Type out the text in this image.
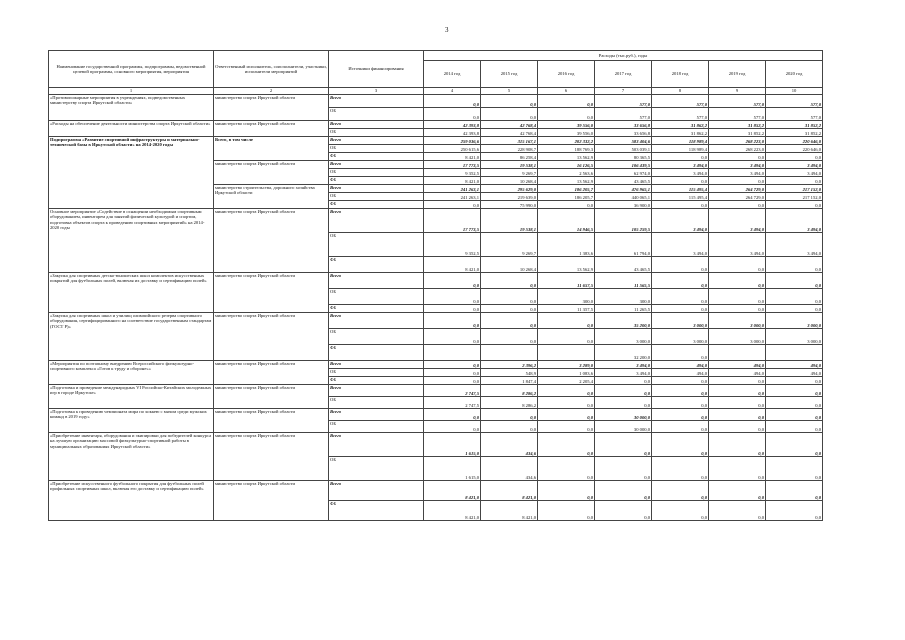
3
Наименование государственной программы, подпрограммы, ведомственной целевой программы, основного мероприятия, мероприятия	Ответственный исполнитель, соисполнители, участники, исполнители мероприятий	Источники финансирования	Расходы (тыс.руб.), годы						
			2014 год	2015 год	2016 год	2017 год	2018 год	2019 год	2020 год
1	2	3	4	5	6	7	8	9	10
«Противопожарные мероприятия в учреждениях, подведомственных министерству спорта Иркутской области»	министерство спорта Иркутской области	Всего	0,0	0,0	0,0	577,0	577,0	577,0	577,0
		ОБ	0,0	0,0	0,0	577,0	577,0	577,0	577,0
«Расходы на обеспечение деятельности министерства спорта Иркутской области»	министерство спорта Иркутской области	Всего	42 393,8	42 768,4	39 556,0	33 656,8	31 862,2	31 852,2	31 852,2
		ОБ	42 393,8	42 768,4	39 556,0	33 656,8	31 862,2	31 852,2	31 852,2
Подпрограмма «Развитие спортивной инфраструктуры и материально-технической базы в Иркутской области» на 2014-2020 годы	Всего, в том числе	Всего	259 036,6	315 167,1	202 332,2	583 404,6	118 989,4	268 223,0	220 646,0
		ОБ	250 615,6	228 908,7	188 769,3	503 039,1	118 989,4	268 223,0	220 646,0
		ФБ	8 421,0	86 258,4	13 562,9	80 365,5	0,0	0,0	0,0
	министерство спорта Иркутской области	Всего	17 773,5	19 538,1	16 126,5	106 439,5	3 494,0	3 494,0	3 494,0
		ОБ	9 352,5	9 269,7	2 563,6	62 974,0	3 494,0	3 494,0	3 494,0
		ФБ	8 421,0	10 268,4	13 562,9	43 465,5	0,0	0,0	0,0
	министерство строительства, дорожного хозяйства Иркутской области	Всего	241 263,1	295 629,0	186 205,7	476 965,1	115 495,4	264 729,0	217 152,0
		ОБ	241 263,1	219 639,0	186 205,7	440 065,1	115 495,4	264 729,0	217 152,0
		ФБ	0,0	75 990,0	0,0	36 900,0	0,0	0,0	0,0
Основное мероприятие «Содействие в оснащении необходимым спортивным оборудованием, инвентарем для занятий физической культурой и спортом, подготовка объектов спорта к проведению спортивных мероприятий» на 2014-2020 годы	министерство спорта Иркутской области	Всего	17 773,5	19 538,1	14 946,5	105 259,5	3 494,0	3 494,0	3 494,0
		ОБ	9 352,5	9 269,7	1 383,6	61 794,0	3 494,0	3 494,0	3 494,0
		ФБ	8 421,0	10 268,4	13 562,9	43 465,5	0,0	0,0	0,0
«Закупка для спортивных детско-юношеских школ комплектов искусственных покрытий для футбольных полей, включая их доставку и сертификацию полей»	министерство спорта Иркутской области	Всего	0,0	0,0	11 657,5	11 565,5	0,0	0,0	0,0
		ОБ	0,0	0,0	300,0	300,0	0,0	0,0	0,0
		ФБ	0,0	0,0	11 357,5	11 265,5	0,0	0,0	0,0
«Закупка для спортивных школ и училищ олимпийского резерва спортивного оборудования, сертифицированного на соответствие государственным стандартам (ГОСТ Р)»	министерство спорта Иркутской области	Всего	0,0	0,0	0,0	35 200,0	3 000,0	3 000,0	3 000,0
		ОБ	0,0	0,0	0,0	3 000,0	3 000,0	3 000,0	3 000,0
		ФБ				32 200,0	0,0		
«Мероприятия по поэтапному внедрению Всероссийского физкультурно-спортивного комплекса «Готов к труду и обороне»»	министерство спорта Иркутской области	Всего	0,0	2 396,2	3 289,0	3 494,0	494,0	494,0	494,0
		ОБ	0,0	548,9	1 083,6	3 494,0	494,0	494,0	494,0
		ФБ	0,0	1 847,4	2 205,4	0,0	0,0	0,0	0,0
«Подготовка и проведение международных VI Российско-Китайских молодежных игр в городе Иркутске»	министерство спорта Иркутской области	Всего	2 747,5	8 286,2	0,0	0,0	0,0	0,0	0,0
		ОБ	2 747,5	8 286,2	0,0	0,0	0,0	0,0	0,0
«Подготовка к проведению чемпионата мира по хоккею с мячом среди мужских команд в 2019 году»	министерство спорта Иркутской области	Всего	0,0	0,0	0,0	30 000,0	0,0	0,0	0,0
		ОБ	0,0	0,0	0,0	30 000,0	0,0	0,0	0,0
«Приобретение инвентаря, оборудования и экипировки для победителей конкурса на лучшую организацию массовой физкультурно-спортивной работы в муниципальных образованиях Иркутской области»	министерство спорта Иркутской области	Всего	1 615,0	434,6	0,0	0,0	0,0	0,0	0,0
		ОБ	1 615,0	434,6	0,0	0,0	0,0	0,0	0,0
«Приобретение искусственного футбольного покрытия для футбольных полей профильных спортивных школ, включая его доставку и сертификацию полей»	министерство спорта Иркутской области	Всего	8 421,0	8 421,0	0,0	0,0	0,0	0,0	0,0
		ФБ	8 421,0	8 421,0	0,0	0,0	0,0	0,0	0,0
